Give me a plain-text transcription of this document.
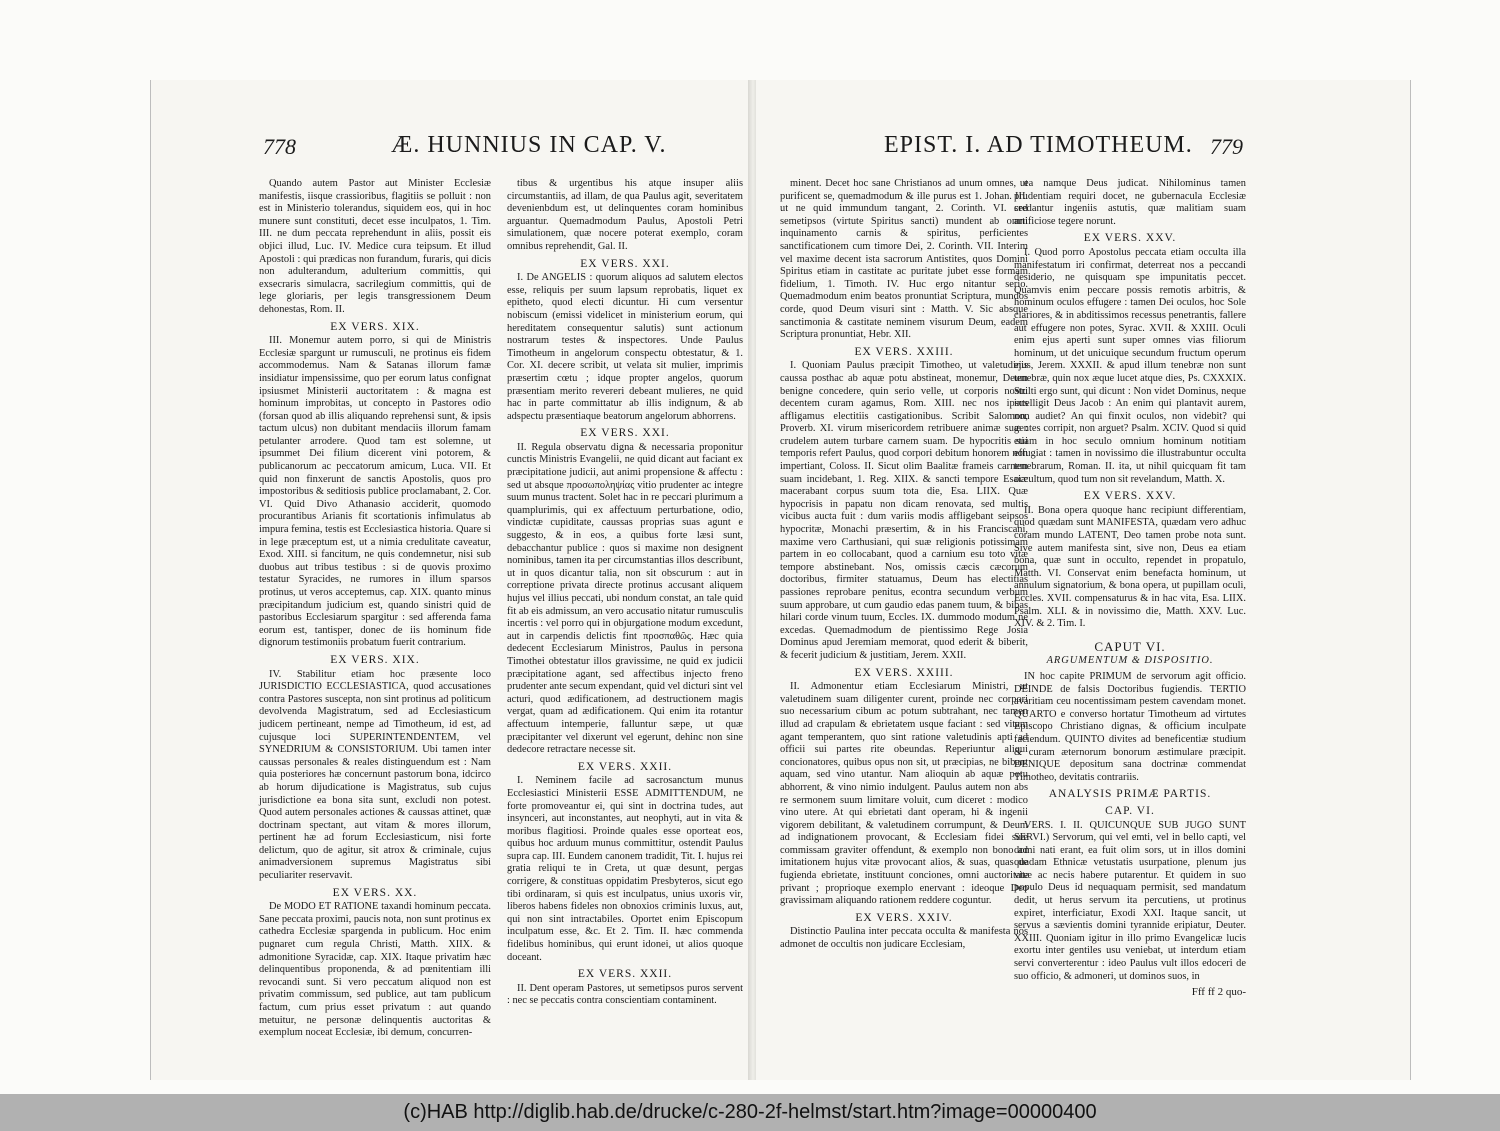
778	Æ. HUNNIUS IN CAP. V.

Quando autem Pastor aut Minister Ecclesiæ manifestis, iisque crassioribus, flagitiis se polluit : non est in Ministerio tolerandus, siquidem eos, qui in hoc munere sunt constituti, decet esse inculpatos, 1. Tim. III. ne dum peccata reprehendunt in aliis, possit eis objici illud, Luc. IV. Medice cura teipsum. Et illud Apostoli : qui prædicas non furandum, furaris, qui dicis non adulterandum, adulterium committis, qui exsecraris simulacra, sacrilegium committis, qui de lege gloriaris, per legis transgressionem Deum dehonestas, Rom. II.

EX VERS. XIX.

III. Monemur autem porro, si qui de Ministris Ecclesiæ spargunt ur rumusculi, ne protinus eis fidem accommodemus. Nam & Satanas illorum famæ insidiatur impensissime, quo per eorum latus confignat ipsiusmet Ministerii auctoritatem : & magna est hominum improbitas, ut concepto in Pastores odio (forsan quod ab illis aliquando reprehensi sunt, & ipsis tactum ulcus) non dubitant mendaciis illorum famam petulanter arrodere. Quod tam est solemne, ut ipsummet Dei filium dicerent vini potorem, & publicanorum ac peccatorum amicum, Luca. VII. Et quid non finxerunt de sanctis Apostolis, quos pro impostoribus & seditiosis publice proclamabant, 2. Cor. VI. Quid Divo Athanasio acciderit, quomodo procurantibus Arianis fit scortationis infimulatus ab impura femina, testis est Ecclesiastica historia. Quare si in lege præceptum est, ut a nimia credulitate caveatur, Exod. XIII. si fancitum, ne quis condemnetur, nisi sub duobus aut tribus testibus : si de quovis proximo testatur Syracides, ne rumores in illum sparsos protinus, ut veros acceptemus, cap. XIX. quanto minus præcipitandum judicium est, quando sinistri quid de pastoribus Ecclesiarum spargitur : sed afferenda fama eorum est, tantisper, donec de iis hominum fide dignorum testimoniis probatum fuerit contrarium.

EX VERS. XIX.

IV. Stabilitur etiam hoc præsente loco JURISDICTIO ECCLESIASTICA, quod accusationes contra Pastores suscepta, non sint protinus ad politicum devolvenda Magistratum, sed ad Ecclesiasticum judicem pertineant, nempe ad Timotheum, id est, ad cujusque loci SUPERINTENDENTEM, vel SYNEDRIUM & CONSISTORIUM. Ubi tamen inter caussas personales & reales distinguendum est : Nam quia posteriores hæ concernunt pastorum bona, idcirco ab horum dijudicatione is Magistratus, sub cujus jurisdictione ea bona sita sunt, excludi non potest. Quod autem personales actiones & caussas attinet, quæ doctrinam spectant, aut vitam & mores illorum, pertinent hæ ad forum Ecclesiasticum, nisi forte delictum, quo de agitur, sit atrox & criminale, cujus animadversionem supremus Magistratus sibi peculiariter reservavit.

EX VERS. XX.

De MODO ET RATIONE taxandi hominum peccata. Sane peccata proximi, paucis nota, non sunt protinus ex cathedra Ecclesiæ spargenda in publicum. Hoc enim pugnaret cum regula Christi, Matth. XIIX. & admonitione Syracidæ, cap. XIX. Itaque privatim hæc delinquentibus proponenda, & ad pœnitentiam illi revocandi sunt. Si vero peccatum aliquod non est privatim commissum, sed publice, aut tam publicum factum, cum prius esset privatum : aut quando metuitur, ne personæ delinquentis auctoritas & exemplum noceat Ecclesiæ, ibi demum, concurren-

tibus & urgentibus his atque insuper aliis circumstantiis, ad illam, de qua Paulus agit, severitatem devenienbdum est, ut delinquentes coram hominibus arguantur. Quemadmodum Paulus, Apostoli Petri simulationem, quæ nocere poterat exemplo, coram omnibus reprehendit, Gal. II.

EX VERS. XXI.

I. De ANGELIS : quorum aliquos ad salutem electos esse, reliquis per suum lapsum reprobatis, liquet ex epitheto, quod electi dicuntur. Hi cum versentur nobiscum (emissi videlicet in ministerium eorum, qui hereditatem consequentur salutis) sunt actionum nostrarum testes & inspectores. Unde Paulus Timotheum in angelorum conspectu obtestatur, & 1. Cor. XI. decere scribit, ut velata sit mulier, imprimis præsertim cœtu ; idque propter angelos, quorum præsentiam merito revereri debeant mulieres, ne quid hac in parte committatur ab illis indignum, & ab adspectu præsentiaque beatorum angelorum abhorrens.

EX VERS. XXI.

II. Regula observatu digna & necessaria proponitur cunctis Ministris Evangelii, ne quid dicant aut faciant ex præcipitatione judicii, aut animi propensione & affectu : sed ut absque προσωποληψίας vitio prudenter ac integre suum munus tractent. Solet hac in re peccari plurimum a quamplurimis, qui ex affectuum perturbatione, odio, vindictæ cupiditate, caussas proprias suas agunt e suggesto, & in eos, a quibus forte læsi sunt, debacchantur publice : quos si maxime non designent nominibus, tamen ita per circumstantias illos describunt, ut in quos dicantur talia, non sit obscurum : aut in correptione privata directe protinus accusant aliquem hujus vel illius peccati, ubi nondum constat, an tale quid fit ab eis admissum, an vero accusatio nitatur rumusculis incertis : vel porro qui in objurgatione modum excedunt, aut in carpendis delictis fint προσπαθῶς. Hæc quia dedecent Ecclesiarum Ministros, Paulus in persona Timothei obtestatur illos gravissime, ne quid ex judicii præcipitatione agant, sed affectibus injecto freno prudenter ante secum expendant, quid vel dicturi sint vel acturi, quod ædificationem, ad destructionem magis vergat, quam ad ædificationem. Qui enim ita rotantur affectuum intemperie, falluntur sæpe, ut quæ præcipitanter vel dixerunt vel egerunt, dehinc non sine dedecore retractare necesse sit.

EX VERS. XXII.

I. Neminem facile ad sacrosanctum munus Ecclesiastici Ministerii ESSE ADMITTENDUM, ne forte promoveantur ei, qui sint in doctrina tudes, aut insynceri, aut inconstantes, aut neophyti, aut in vita & moribus flagitiosi. Proinde quales esse oporteat eos, quibus hoc arduum munus committitur, ostendit Paulus supra cap. III. Eundem canonem tradidit, Tit. I. hujus rei gratia reliqui te in Creta, ut quæ desunt, pergas corrigere, & constituas oppidatim Presbyteros, sicut ego tibi ordinaram, si quis est inculpatus, unius uxoris vir, liberos habens fideles non obnoxios criminis luxus, aut, qui non sint intractabiles. Oportet enim Episcopum inculpatum esse, &c. Et 2. Tim. II. hæc commenda fidelibus hominibus, qui erunt idonei, ut alios quoque doceant.

EX VERS. XXII.

II. Dent operam Pastores, ut semetipsos puros servent : nec se peccatis contra conscientiam contaminent.

EPIST. I. AD TIMOTHEUM. 779

minent. Decet hoc sane Christianos ad unum omnes, ut purificent se, quemadmodum & ille purus est 1. Johan. III. ut ne quid immundum tangant, 2. Corinth. VI. sed semetipsos (virtute Spiritus sancti) mundent ab omni inquinamento carnis & spiritus, perficientes sanctificationem cum timore Dei, 2. Corinth. VII. Interim vel maxime decent ista sacrorum Antistites, quos Domini Spiritus etiam in castitate ac puritate jubet esse formam fidelium, 1. Timoth. IV. Huc ergo nitantur serio. Quemadmodum enim beatos pronuntiat Scriptura, mundos corde, quod Deum visuri sint : Matth. V. Sic absque sanctimonia & castitate neminem visurum Deum, eadem Scriptura pronuntiat, Hebr. XII.

EX VERS. XXIII.

I. Quoniam Paulus præcipit Timotheo, ut valetudinis caussa posthac ab aquæ potu abstineat, monemur, Deum benigne concedere, quin serio velle, ut corporis nostri decentem curam agamus, Rom. XIII. nec nos ipsos affligamus electitiis castigationibus. Scribit Salomon, Proverb. XI. virum misericordem retribuere animæ suæ : crudelem autem turbare carnem suam. De hypocritis sui temporis refert Paulus, quod corpori debitum honorem non impertiant, Coloss. II. Sicut olim Baalitæ frameis carnem suam incidebant, 1. Reg. XIIX. & sancti tempore Esaiæ macerabant corpus suum tota die, Esa. LIIX. Quæ hypocrisis in papatu non dicam renovata, sed multis vicibus aucta fuit : dum variis modis affligebant seipsos hypocritæ, Monachi præsertim, & in his Franciscani, maxime vero Carthusiani, qui suæ religionis potissimam partem in eo collocabant, quod a carnium esu toto vitæ tempore abstinebant. Nos, omissis cæcis cæcorum doctoribus, firmiter statuamus, Deum has electitias passiones reprobare penitus, econtra secundum verbum suum approbare, ut cum gaudio edas panem tuum, & bibas hilari corde vinum tuum, Eccles. IX. dummodo modum ne excedas. Quemadmodum de pientissimo Rege Josia Dominus apud Jeremiam memorat, quod ederit & biberit, & fecerit judicium & justitiam, Jerem. XXII.

EX VERS. XXIII.

II. Admonentur etiam Ecclesiarum Ministri, ut valetudinem suam diligenter curent, proinde nec corpori suo necessarium cibum ac potum subtrahant, nec tamen illud ad crapulam & ebrietatem usque faciant : sed vitam agant temperantem, quo sint ratione valetudinis apti ad officii sui partes rite obeundas. Reperiuntur aliqui concionatores, quibus opus non sit, ut præcipias, ne bibant aquam, sed vino utantur. Nam alioquin ab aquæ potu abhorrent, & vino nimio indulgent. Paulus autem non abs re sermonem suum limitare voluit, cum diceret : modico vino utere. At qui ebrietati dant operam, hi & ingenii vigorem debilitant, & valetudinem corrumpunt, & Deum ad indignationem provocant, & Ecclesiam fidei suæ commissam graviter offendunt, & exemplo non bono ad imitationem hujus vitæ provocant alios, & suas, quas de fugienda ebrietate, instituunt conciones, omni auctoritate privant ; proprioque exemplo enervant : ideoque Deo gravissimam aliquando rationem reddere coguntur.

EX VERS. XXIV.

Distinctio Paulina inter peccata occulta & manifesta nos admonet de occultis non judicare Ecclesiam,

ea namque Deus judicat. Nihilominus tamen prudentiam requiri docet, ne gubernacula Ecclesiæ credantur ingeniis astutis, quæ malitiam suam artificiose tegere norunt.

EX VERS. XXV.

I. Quod porro Apostolus peccata etiam occulta illa manifestatum iri confirmat, deterreat nos a peccandi desiderio, ne quisquam spe impunitatis peccet. Quamvis enim peccare possis remotis arbitris, & hominum oculos effugere : tamen Dei oculos, hoc Sole clariores, & in abditissimos recessus penetrantis, fallere aut effugere non potes, Syrac. XVII. & XXIII. Oculi enim ejus aperti sunt super omnes vias filiorum hominum, ut det unicuique secundum fructum operum ejus, Jerem. XXXII. & apud illum tenebræ non sunt tenebræ, quin nox æque lucet atque dies, Ps. CXXXIX. Stulti ergo sunt, qui dicunt : Non videt Dominus, neque intelligit Deus Jacob : An enim qui plantavit aurem, non audiet? An qui finxit oculos, non videbit? qui gentes corripit, non arguet? Psalm. XCIV. Quod si quid etiam in hoc seculo omnium hominum notitiam effugiat : tamen in novissimo die illustrabuntur occulta tenebrarum, Roman. II. ita, ut nihil quicquam fit tam occultum, quod tum non sit revelandum, Matth. X.

EX VERS. XXV.

II. Bona opera quoque hanc recipiunt differentiam, quod quædam sunt MANIFESTA, quædam vero adhuc coram mundo LATENT, Deo tamen probe nota sunt. Sive autem manifesta sint, sive non, Deus ea etiam bona, quæ sunt in occulto, rependet in propatulo, Matth. VI. Conservat enim benefacta hominum, ut annulum signatorium, & bona opera, ut pupillam oculi, Eccles. XVII. compensaturus & in hac vita, Esa. LIIX. Psalm. XLI. & in novissimo die, Matth. XXV. Luc. XIV. & 2. Tim. I.

CAPUT VI.

ARGUMENTUM & DISPOSITIO.

IN hoc capite PRIMUM de servorum agit officio. DEINDE de falsis Doctoribus fugiendis. TERTIO avaritiam ceu nocentissimam pestem cavendam monet. QUARTO e converso hortatur Timotheum ad virtutes Episcopo Christiano dignas, & officium inculpate faciendum. QUINTO divites ad beneficentiæ studium & curam æternorum bonorum æstimulare præcipit. DENIQUE depositum sana doctrinæ commendat Timotheo, devitatis contrariis.

ANALYSIS PRIMÆ PARTIS.

CAP. VI.

VERS. I. II. QUICUNQUE SUB JUGO SUNT SERVI.) Servorum, qui vel emti, vel in bello capti, vel domi nati erant, ea fuit olim sors, ut in illos domini quadam Ethnicæ vetustatis usurpatione, plenum jus vitæ ac necis habere putarentur. Et quidem in suo populo Deus id nequaquam permisit, sed mandatum dedit, ut herus servum ita percutiens, ut protinus expiret, interficiatur, Exodi XXI. Itaque sancit, ut servus a sævientis domini tyrannide eripiatur, Deuter. XXIII. Quoniam igitur in illo primo Evangelicæ lucis exortu inter gentiles usu veniebat, ut interdum etiam servi converterentur : ideo Paulus vult illos edoceri de suo officio, & admoneri, ut dominos suos, in

Fff ff 2 quo-

(c)HAB http://diglib.hab.de/drucke/c-280-2f-helmst/start.htm?image=00000400
